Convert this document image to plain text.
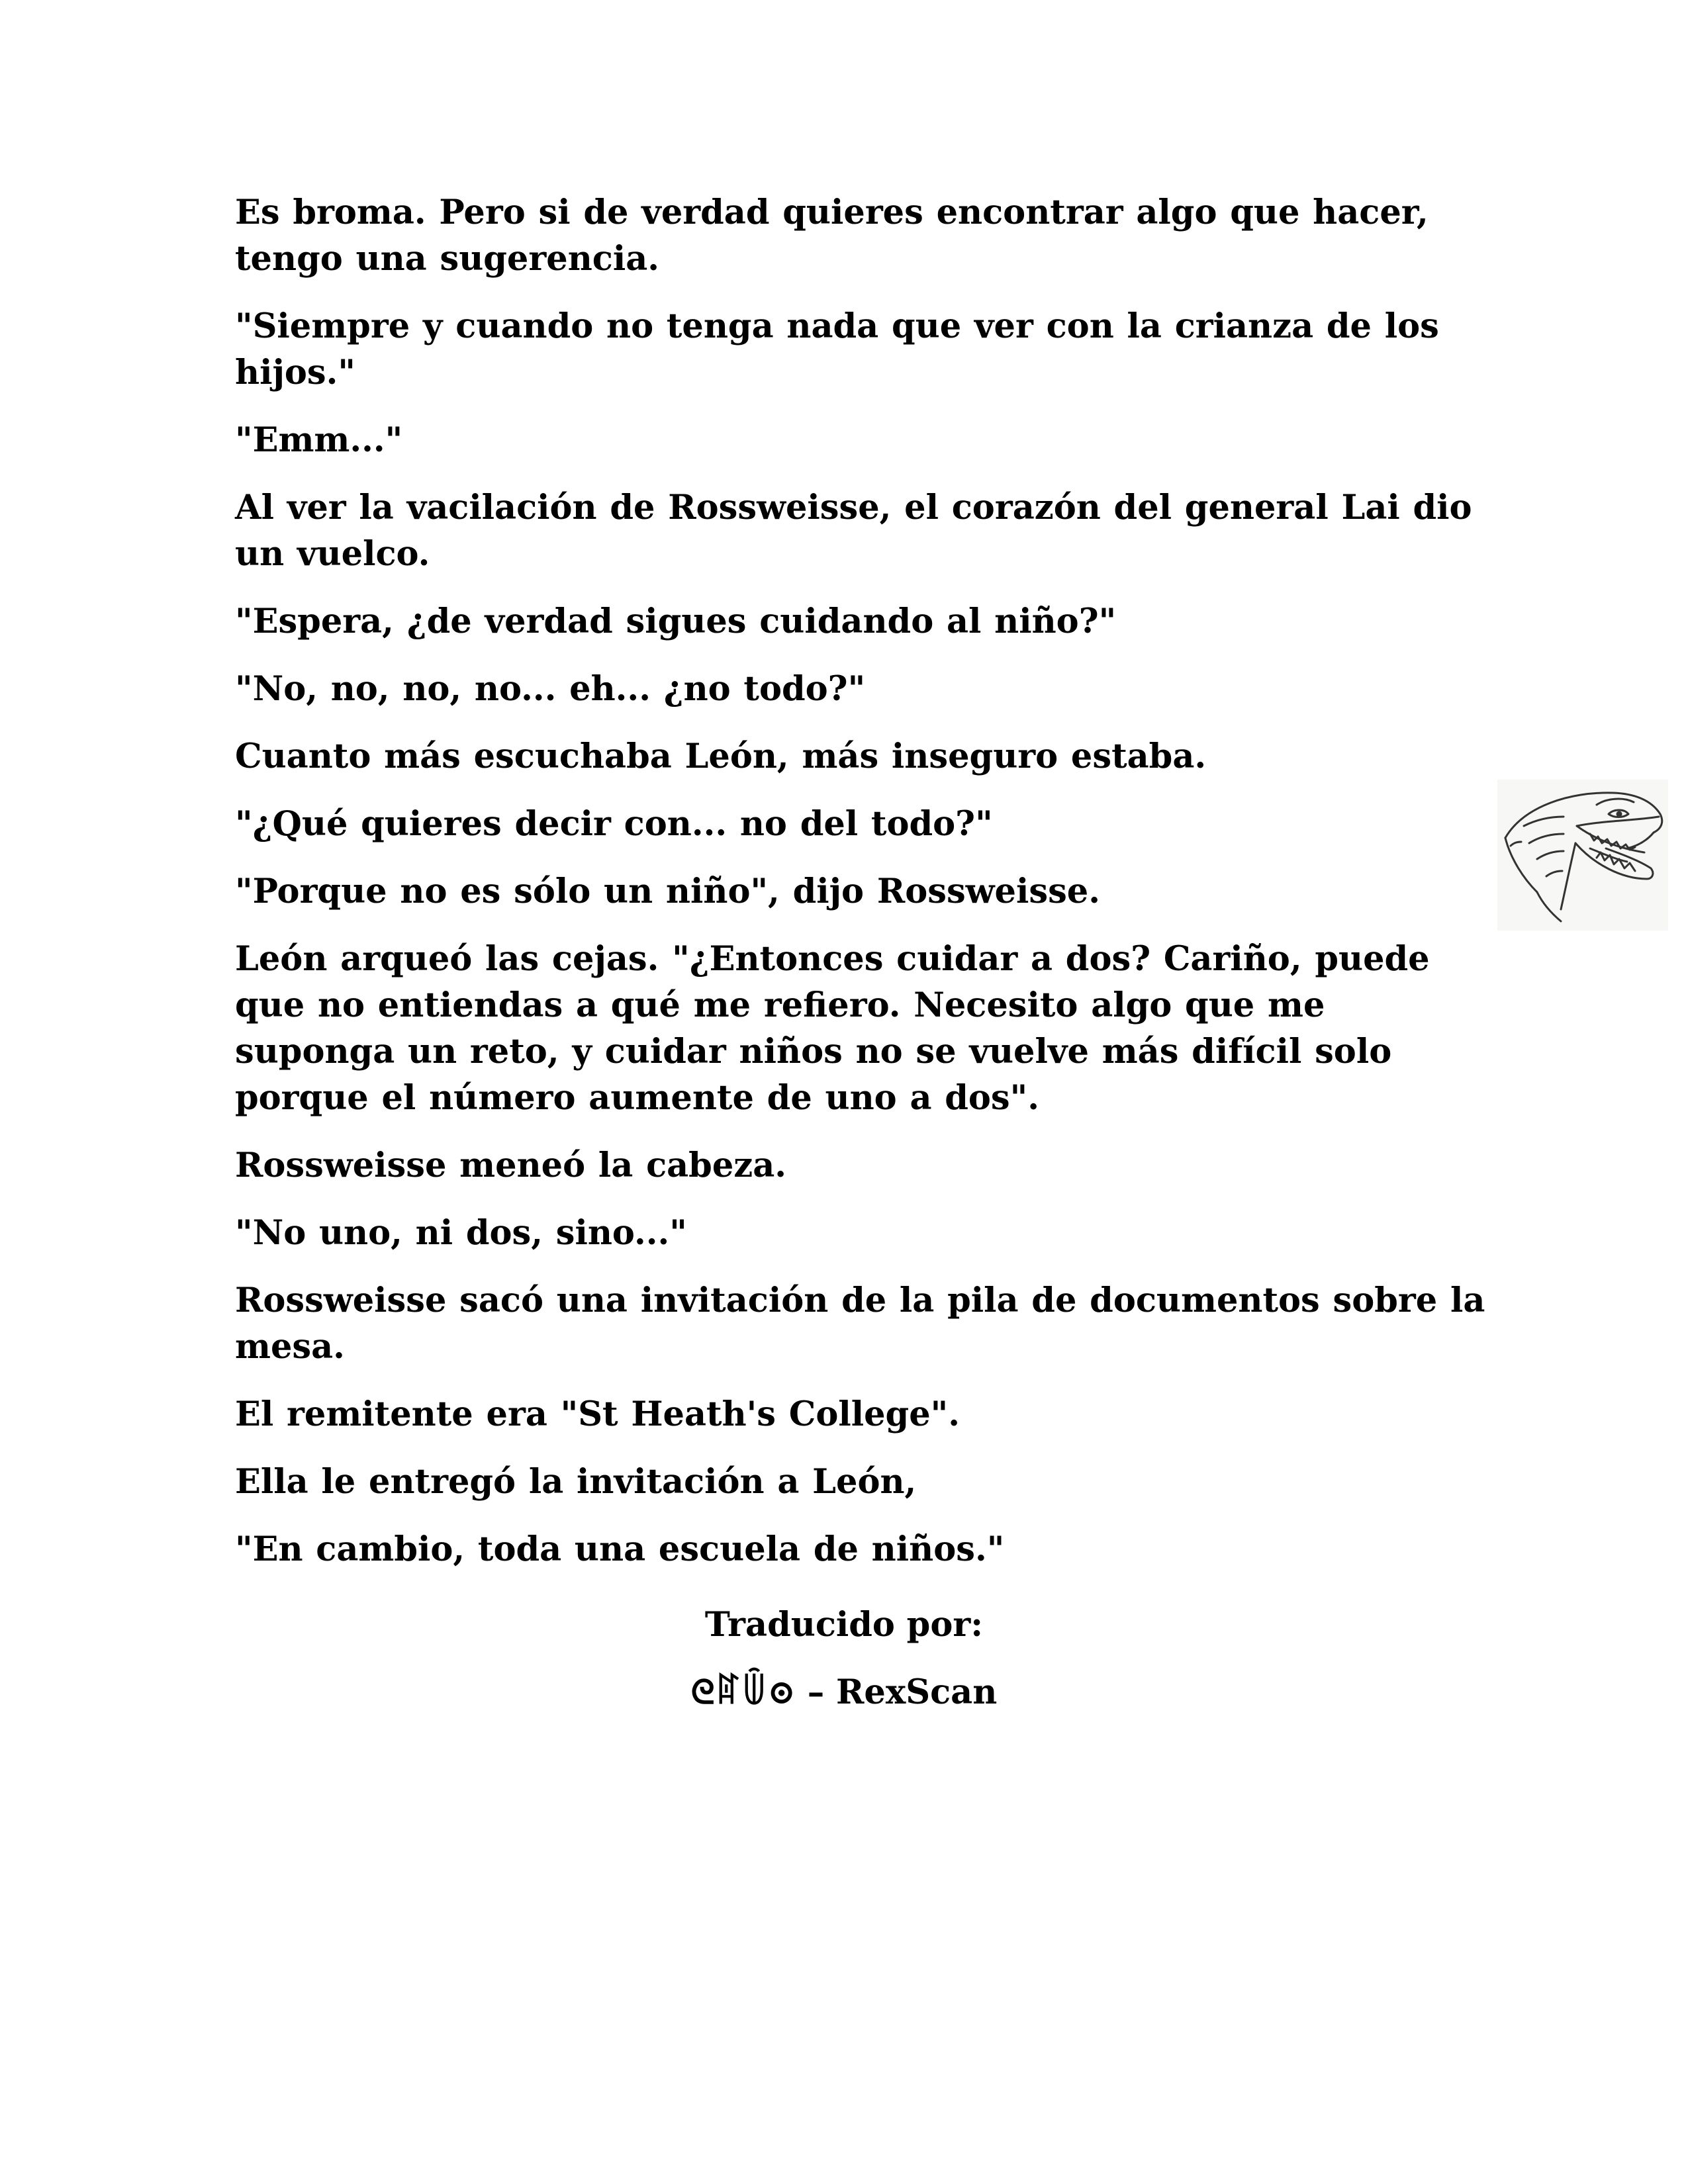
Es broma. Pero si de verdad quieres encontrar algo que hacer, tengo una sugerencia.

"Siempre y cuando no tenga nada que ver con la crianza de los hijos."

"Emm..."

Al ver la vacilación de Rossweisse, el corazón del general Lai dio un vuelco.

"Espera, ¿de verdad sigues cuidando al niño?"

"No, no, no, no... eh... ¿no todo?"

Cuanto más escuchaba León, más inseguro estaba.

"¿Qué quieres decir con... no del todo?"

"Porque no es sólo un niño", dijo Rossweisse.

León arqueó las cejas. "¿Entonces cuidar a dos? Cariño, puede que no entiendas a qué me refiero. Necesito algo que me suponga un reto, y cuidar niños no se vuelve más difícil solo porque el número aumente de uno a dos".

Rossweisse meneó la cabeza.

"No uno, ni dos, sino..."

Rossweisse sacó una invitación de la pila de documentos sobre la mesa.

El remitente era "St Heath's College".

Ella le entregó la invitación a León,

"En cambio, toda una escuela de niños."

Traducido por:

ᘓꍏꅏ⊙ – RexScan
